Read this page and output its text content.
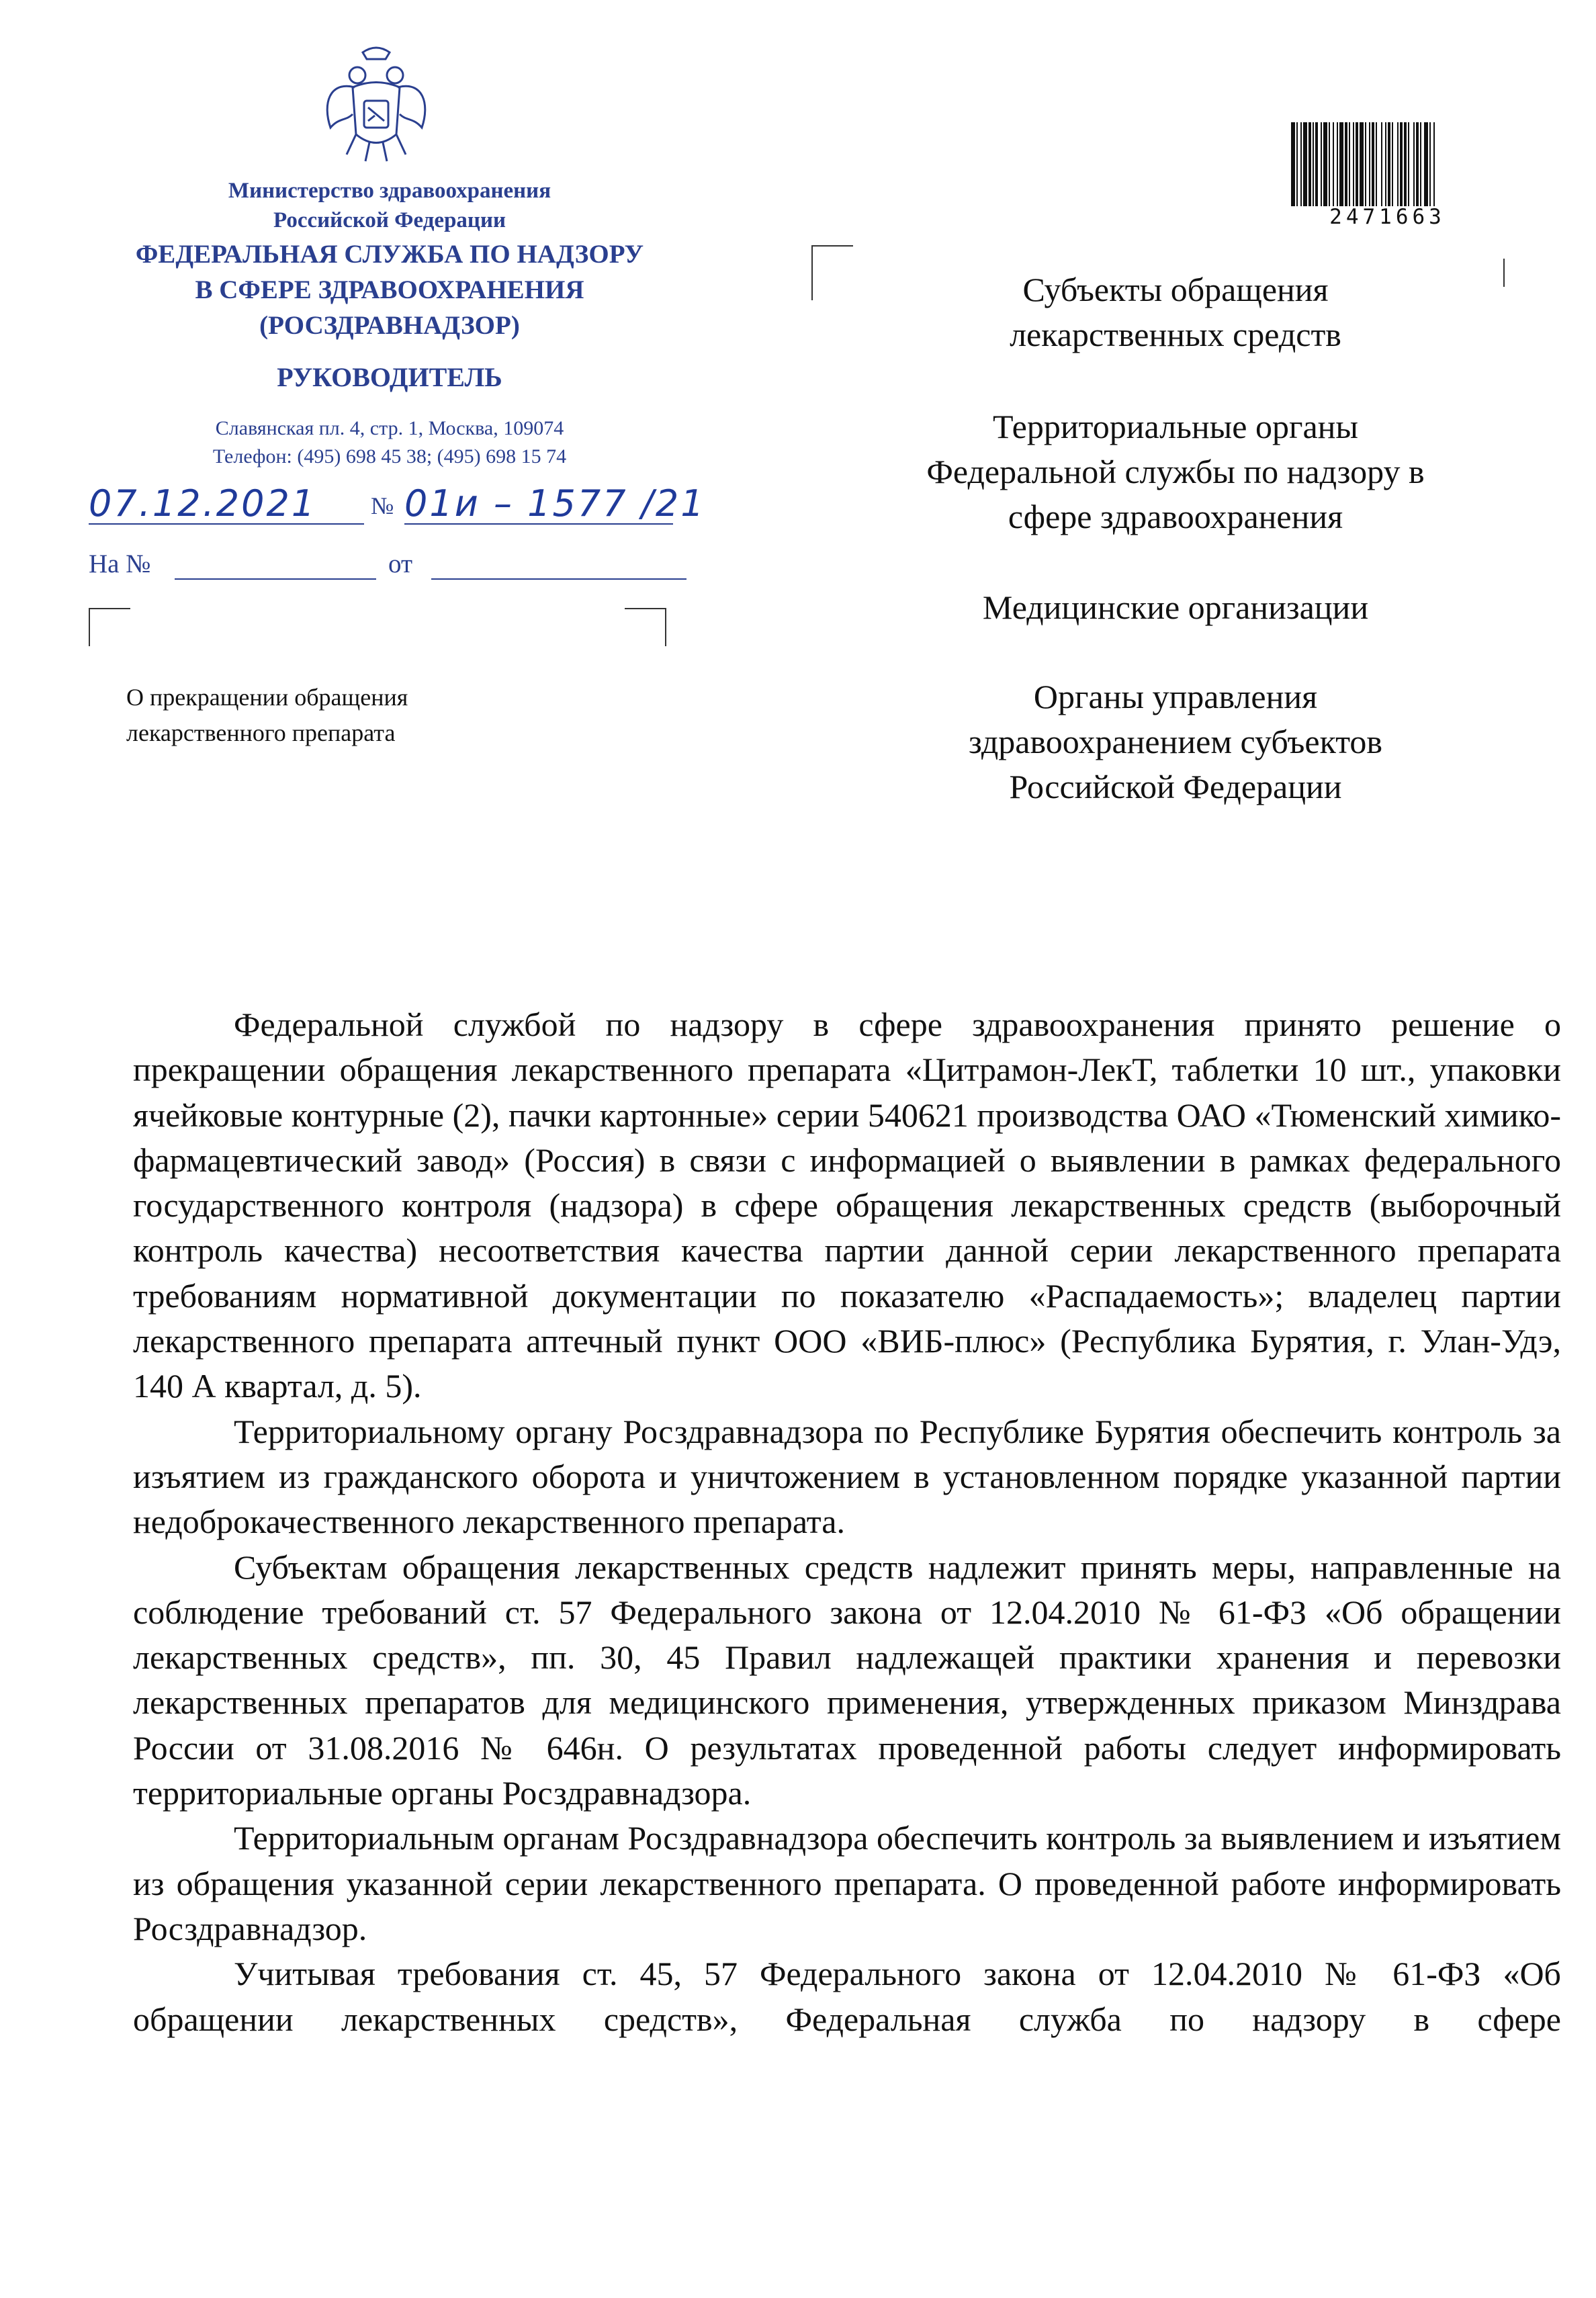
Министерство здравоохранения
Российской Федерации
ФЕДЕРАЛЬНАЯ СЛУЖБА ПО НАДЗОРУ
В СФЕРЕ ЗДРАВООХРАНЕНИЯ
(РОСЗДРАВНАДЗОР)
РУКОВОДИТЕЛЬ
Славянская пл. 4, стр. 1, Москва, 109074
Телефон: (495) 698 45 38; (495) 698 15 74
07.12.2021 № 01и – 1577 /21
На №	от
О прекращении обращения
лекарственного препарата
2471663
Субъекты обращения
лекарственных средств
Территориальные органы
Федеральной службы по надзору в
сфере здравоохранения
Медицинские организации
Органы управления
здравоохранением субъектов
Российской Федерации

Федеральной службой по надзору в сфере здравоохранения принято решение о прекращении обращения лекарственного препарата «Цитрамон-ЛекТ, таблетки 10 шт., упаковки ячейковые контурные (2), пачки картонные» серии 540621 производства ОАО «Тюменский химико-фармацевтический завод» (Россия) в связи с информацией о выявлении в рамках федерального государственного контроля (надзора) в сфере обращения лекарственных средств (выборочный контроль качества) несоответствия качества партии данной серии лекарственного препарата требованиям нормативной документации по показателю «Распадаемость»; владелец партии лекарственного препарата аптечный пункт ООО «ВИБ-плюс» (Республика Бурятия, г. Улан-Удэ, 140 А квартал, д. 5).

Территориальному органу Росздравнадзора по Республике Бурятия обеспечить контроль за изъятием из гражданского оборота и уничтожением в установленном порядке указанной партии недоброкачественного лекарственного препарата.

Субъектам обращения лекарственных средств надлежит принять меры, направленные на соблюдение требований ст. 57 Федерального закона от 12.04.2010 № 61-ФЗ «Об обращении лекарственных средств», пп. 30, 45 Правил надлежащей практики хранения и перевозки лекарственных препаратов для медицинского применения, утвержденных приказом Минздрава России от 31.08.2016 № 646н. О результатах проведенной работы следует информировать территориальные органы Росздравнадзора.

Территориальным органам Росздравнадзора обеспечить контроль за выявлением и изъятием из обращения указанной серии лекарственного препарата. О проведенной работе информировать Росздравнадзор.

Учитывая требования ст. 45, 57 Федерального закона от 12.04.2010 № 61-ФЗ «Об обращении лекарственных средств», Федеральная служба по надзору в сфере
